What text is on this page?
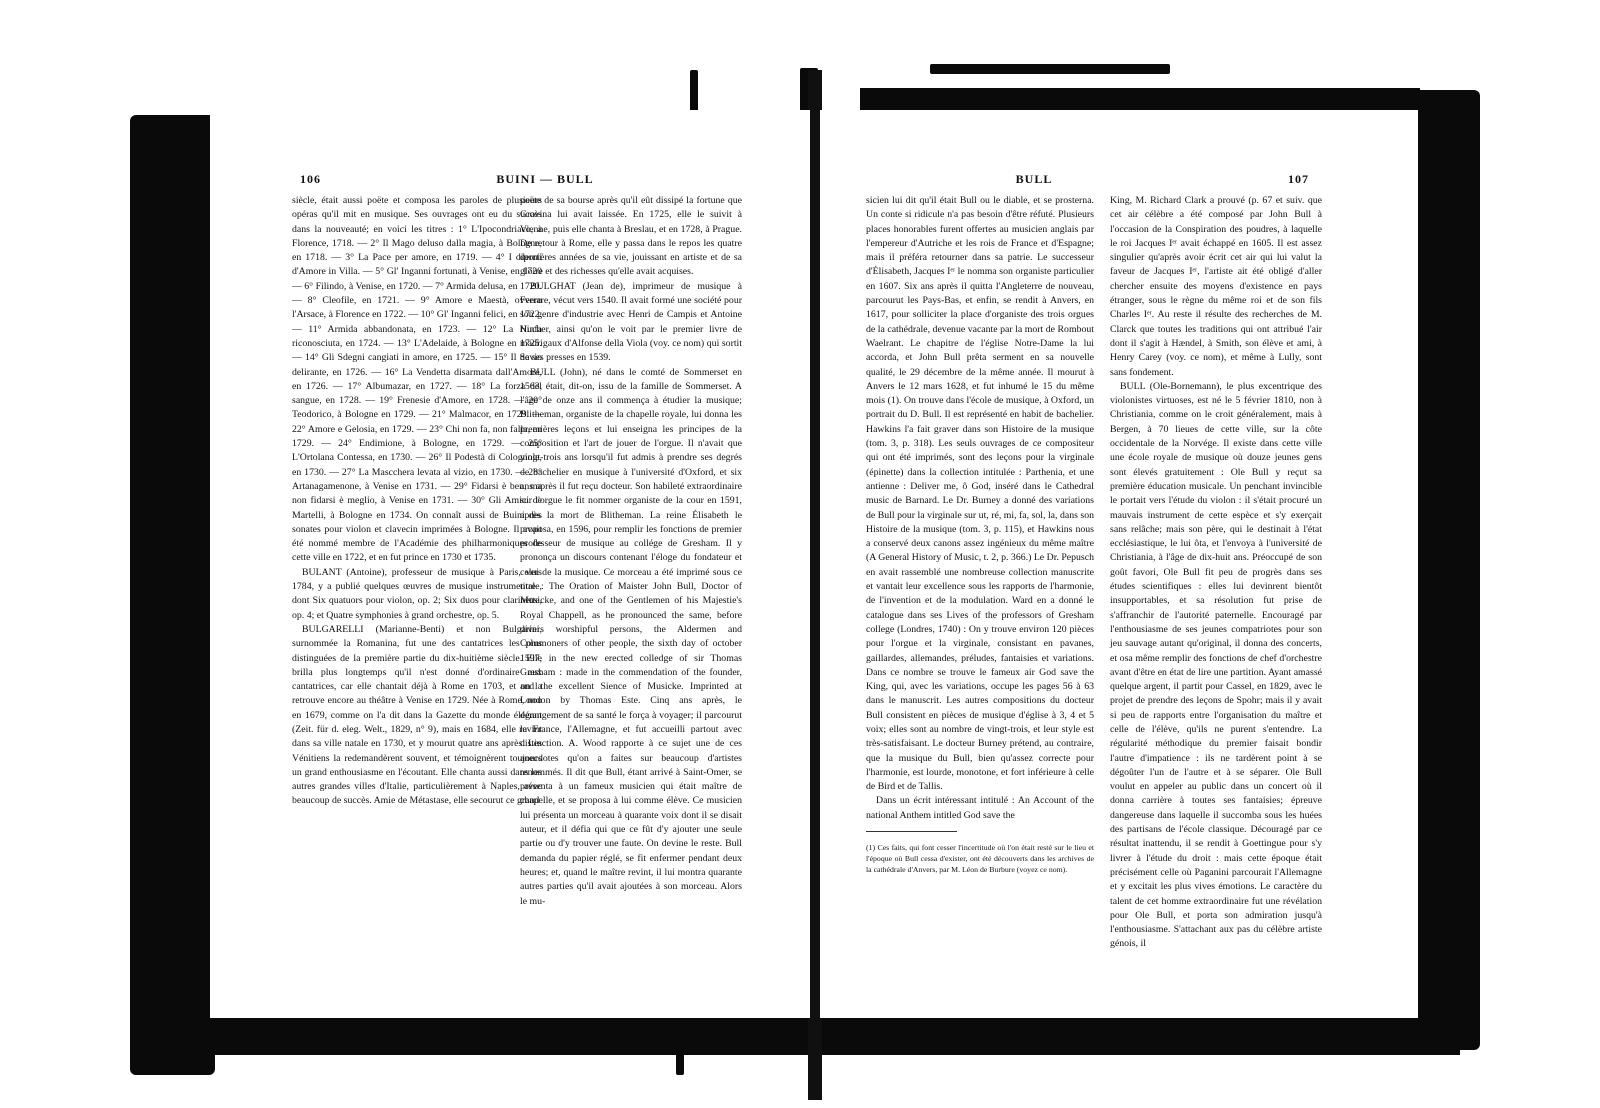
106	BUINI — BULL

siècle, était aussi poëte et composa les paroles de plusieurs opéras qu'il mit en musique. Ses ouvrages ont eu du succès dans la nouveauté; en voici les titres : 1° L'Ipocondriaco, à Florence, 1718. — 2° Il Mago deluso dalla magia, à Bologne, en 1718. — 3° La Pace per amore, en 1719. — 4° I diporti d'Amore in Villa. — 5° Gl' Inganni fortunati, à Venise, en 1720 — 6° Filindo, à Venise, en 1720. — 7° Armida delusa, en 1720. — 8° Cleofile, en 1721. — 9° Amore e Maestà, ovvero l'Arsace, à Florence en 1722. — 10° Gl' Inganni felici, en 1722. — 11° Armida abbandonata, en 1723. — 12° La Ninfa riconosciuta, en 1724. — 13° L'Adelaide, à Bologne en 1725. — 14° Gli Sdegni cangiati in amore, en 1725. — 15° Il Savio delirante, en 1726. — 16° La Vendetta disarmata dall'Amore, en 1726. — 17° Albumazar, en 1727. — 18° La forza del sangue, en 1728. — 19° Frenesie d'Amore, en 1728. — 20° Teodorico, à Bologne en 1729. — 21° Malmacor, en 1729. — 22° Amore e Gelosia, en 1729. — 23° Chi non fa, non falla, en 1729. — 24° Endimione, à Bologne, en 1729. — 25° L'Ortolana Contessa, en 1730. — 26° Il Podestà di Colognole, en 1730. — 27° La Mascchera levata al vizio, en 1730. — 28° Artanagamenone, à Venise en 1731. — 29° Fidarsi è ben, ma non fidarsi è meglio, à Venise en 1731. — 30° Gli Amici de Martelli, à Bologne en 1734. On connaît aussi de Buini des sonates pour violon et clavecin imprimées à Bologne. Il avait été nommé membre de l'Académie des philharmoniques de cette ville en 1722, et en fut prince en 1730 et 1735.

BULANT (Antoine), professeur de musique à Paris, vers 1784, y a publié quelques œuvres de musique instrumentale, dont Six quatuors pour violon, op. 2; Six duos pour clarinette, op. 4; et Quatre symphonies à grand orchestre, op. 5.

BULGARELLI (Marianne-Benti) et non Bulgarini, surnommée la Romanina, fut une des cantatrices les plus distinguées de la première partie du dix-huitième siècle. Elle brilla plus longtemps qu'il n'est donné d'ordinaire aux cantatrices, car elle chantait déjà à Rome en 1703, et on la retrouve encore au théâtre à Venise en 1729. Née à Rome, non en 1679, comme on l'a dit dans la Gazette du monde élégant (Zeit. für d. eleg. Welt., 1829, n° 9), mais en 1684, elle revint dans sa ville natale en 1730, et y mourut quatre ans après. Les Vénitiens la redemandèrent souvent, et témoignèrent toujours un grand enthousiasme en l'écoutant. Elle chanta aussi dans les autres grandes villes d'Italie, particulièrement à Naples, avec beaucoup de succès. Amie de Métastase, elle secourut ce grand

poëte de sa bourse après qu'il eût dissipé la fortune que Gravina lui avait laissée. En 1725, elle le suivit à Vienne, puis elle chanta à Breslau, et en 1728, à Prague. De retour à Rome, elle y passa dans le repos les quatre dernières années de sa vie, jouissant en artiste et de sa gloire et des richesses qu'elle avait acquises.

BULGHAT (Jean de), imprimeur de musique à Ferrare, vécut vers 1540. Il avait formé une société pour son genre d'industrie avec Henri de Campis et Antoine Hucher, ainsi qu'on le voit par le premier livre de madrigaux d'Alfonse della Viola (voy. ce nom) qui sortit de ses presses en 1539.

BULL (John), né dans le comté de Sommerset en 1563, était, dit-on, issu de la famille de Sommerset. A l'âge de onze ans il commença à étudier la musique; Blitheman, organiste de la chapelle royale, lui donna les premières leçons et lui enseigna les principes de la composition et l'art de jouer de l'orgue. Il n'avait que vingt-trois ans lorsqu'il fut admis à prendre ses degrés de bachelier en musique à l'université d'Oxford, et six ans après il fut reçu docteur. Son habileté extraordinaire sur l'orgue le fit nommer organiste de la cour en 1591, après la mort de Blitheman. La reine Élisabeth le proposa, en 1596, pour remplir les fonctions de premier professeur de musique au collége de Gresham. Il y prononça un discours contenant l'éloge du fondateur et celui de la musique. Ce morceau a été imprimé sous ce titre : The Oration of Maister John Bull, Doctor of Musicke, and one of the Gentlemen of his Majestie's Royal Chappell, as he pronounced the same, before divers worshipful persons, the Aldermen and Commoners of other people, the sixth day of october 1597, in the new erected colledge of sir Thomas Gresham : made in the commendation of the founder, and the excellent Sience of Musicke. Imprinted at London by Thomas Este. Cinq ans après, le dérangement de sa santé le força à voyager; il parcourut la France, l'Allemagne, et fut accueilli partout avec distinction. A. Wood rapporte à ce sujet une de ces anecdotes qu'on a faites sur beaucoup d'artistes renommés. Il dit que Bull, étant arrivé à Saint-Omer, se présenta à un fameux musicien qui était maître de chapelle, et se proposa à lui comme élève. Ce musicien lui présenta un morceau à quarante voix dont il se disait auteur, et il défia qui que ce fût d'y ajouter une seule partie ou d'y trouver une faute. On devine le reste. Bull demanda du papier réglé, se fit enfermer pendant deux heures; et, quand le maître revint, il lui montra quarante autres parties qu'il avait ajoutées à son morceau. Alors le mu-

BULL	107

sicien lui dit qu'il était Bull ou le diable, et se prosterna. Un conte si ridicule n'a pas besoin d'être réfuté. Plusieurs places honorables furent offertes au musicien anglais par l'empereur d'Autriche et les rois de France et d'Espagne; mais il préféra retourner dans sa patrie. Le successeur d'Élisabeth, Jacques Iᵉʳ le nomma son organiste particulier en 1607. Six ans après il quitta l'Angleterre de nouveau, parcourut les Pays-Bas, et enfin, se rendit à Anvers, en 1617, pour solliciter la place d'organiste des trois orgues de la cathédrale, devenue vacante par la mort de Rombout Waelrant. Le chapitre de l'église Notre-Dame la lui accorda, et John Bull prêta serment en sa nouvelle qualité, le 29 décembre de la même année. Il mourut à Anvers le 12 mars 1628, et fut inhumé le 15 du même mois (1). On trouve dans l'école de musique, à Oxford, un portrait du D. Bull. Il est représenté en habit de bachelier. Hawkins l'a fait graver dans son Histoire de la musique (tom. 3, p. 318). Les seuls ouvrages de ce compositeur qui ont été imprimés, sont des leçons pour la virginale (épinette) dans la collection intitulée : Parthenia, et une antienne : Deliver me, ô God, inséré dans le Cathedral music de Barnard. Le Dr. Burney a donné des variations de Bull pour la virginale sur ut, ré, mi, fa, sol, la, dans son Histoire de la musique (tom. 3, p. 115), et Hawkins nous a conservé deux canons assez ingénieux du même maître (A General History of Music, t. 2, p. 366.) Le Dr. Pepusch en avait rassemblé une nombreuse collection manuscrite et vantait leur excellence sous les rapports de l'harmonie, de l'invention et de la modulation. Ward en a donné le catalogue dans ses Lives of the professors of Gresham college (Londres, 1740) : On y trouve environ 120 pièces pour l'orgue et la virginale, consistant en pavanes, gaillardes, allemandes, préludes, fantaisies et variations. Dans ce nombre se trouve le fameux air God save the King, qui, avec les variations, occupe les pages 56 à 63 dans le manuscrit. Les autres compositions du docteur Bull consistent en pièces de musique d'église à 3, 4 et 5 voix; elles sont au nombre de vingt-trois, et leur style est très-satisfaisant. Le docteur Burney prétend, au contraire, que la musique du Bull, bien qu'assez correcte pour l'harmonie, est lourde, monotone, et fort inférieure à celle de Bird et de Tallis.

Dans un écrit intéressant intitulé : An Account of the national Anthem intitled God save the

(1) Ces faits, qui font cesser l'incertitude où l'on était resté sur le lieu et l'époque où Bull cessa d'exister, ont été découverts dans les archives de la cathédrale d'Anvers, par M. Léon de Burbure (voyez ce nom).

King, M. Richard Clark a prouvé (p. 67 et suiv. que cet air célèbre a été composé par John Bull à l'occasion de la Conspiration des poudres, à laquelle le roi Jacques Iᵉʳ avait échappé en 1605. Il est assez singulier qu'après avoir écrit cet air qui lui valut la faveur de Jacques Iᵉʳ, l'artiste ait été obligé d'aller chercher ensuite des moyens d'existence en pays étranger, sous le règne du même roi et de son fils Charles Iᵉʳ. Au reste il résulte des recherches de M. Clarck que toutes les traditions qui ont attribué l'air dont il s'agit à Hændel, à Smith, son élève et ami, à Henry Carey (voy. ce nom), et même à Lully, sont sans fondement.

BULL (Ole-Bornemann), le plus excentrique des violonistes virtuoses, est né le 5 février 1810, non à Christiania, comme on le croit généralement, mais à Bergen, à 70 lieues de cette ville, sur la côte occidentale de la Norvége. Il existe dans cette ville une école royale de musique où douze jeunes gens sont élevés gratuitement : Ole Bull y reçut sa première éducation musicale. Un penchant invincible le portait vers l'étude du violon : il s'était procuré un mauvais instrument de cette espèce et s'y exerçait sans relâche; mais son père, qui le destinait à l'état ecclésiastique, le lui ôta, et l'envoya à l'université de Christiania, à l'âge de dix-huit ans. Préoccupé de son goût favori, Ole Bull fit peu de progrès dans ses études scientifiques : elles lui devinrent bientôt insupportables, et sa résolution fut prise de s'affranchir de l'autorité paternelle. Encouragé par l'enthousiasme de ses jeunes compatriotes pour son jeu sauvage autant qu'original, il donna des concerts, et osa même remplir des fonctions de chef d'orchestre avant d'être en état de lire une partition. Ayant amassé quelque argent, il partit pour Cassel, en 1829, avec le projet de prendre des leçons de Spohr; mais il y avait si peu de rapports entre l'organisation du maître et celle de l'élève, qu'ils ne purent s'entendre. La régularité méthodique du premier faisait bondir l'autre d'impatience : ils ne tardèrent point à se dégoûter l'un de l'autre et à se séparer. Ole Bull voulut en appeler au public dans un concert où il donna carrière à toutes ses fantaisies; épreuve dangereuse dans laquelle il succomba sous les huées des partisans de l'école classique. Découragé par ce résultat inattendu, il se rendit à Goettingue pour s'y livrer à l'étude du droit : mais cette époque était précisément celle où Paganini parcourait l'Allemagne et y excitait les plus vives émotions. Le caractère du talent de cet homme extraordinaire fut une révélation pour Ole Bull, et porta son admiration jusqu'à l'enthousiasme. S'attachant aux pas du célèbre artiste génois, il
